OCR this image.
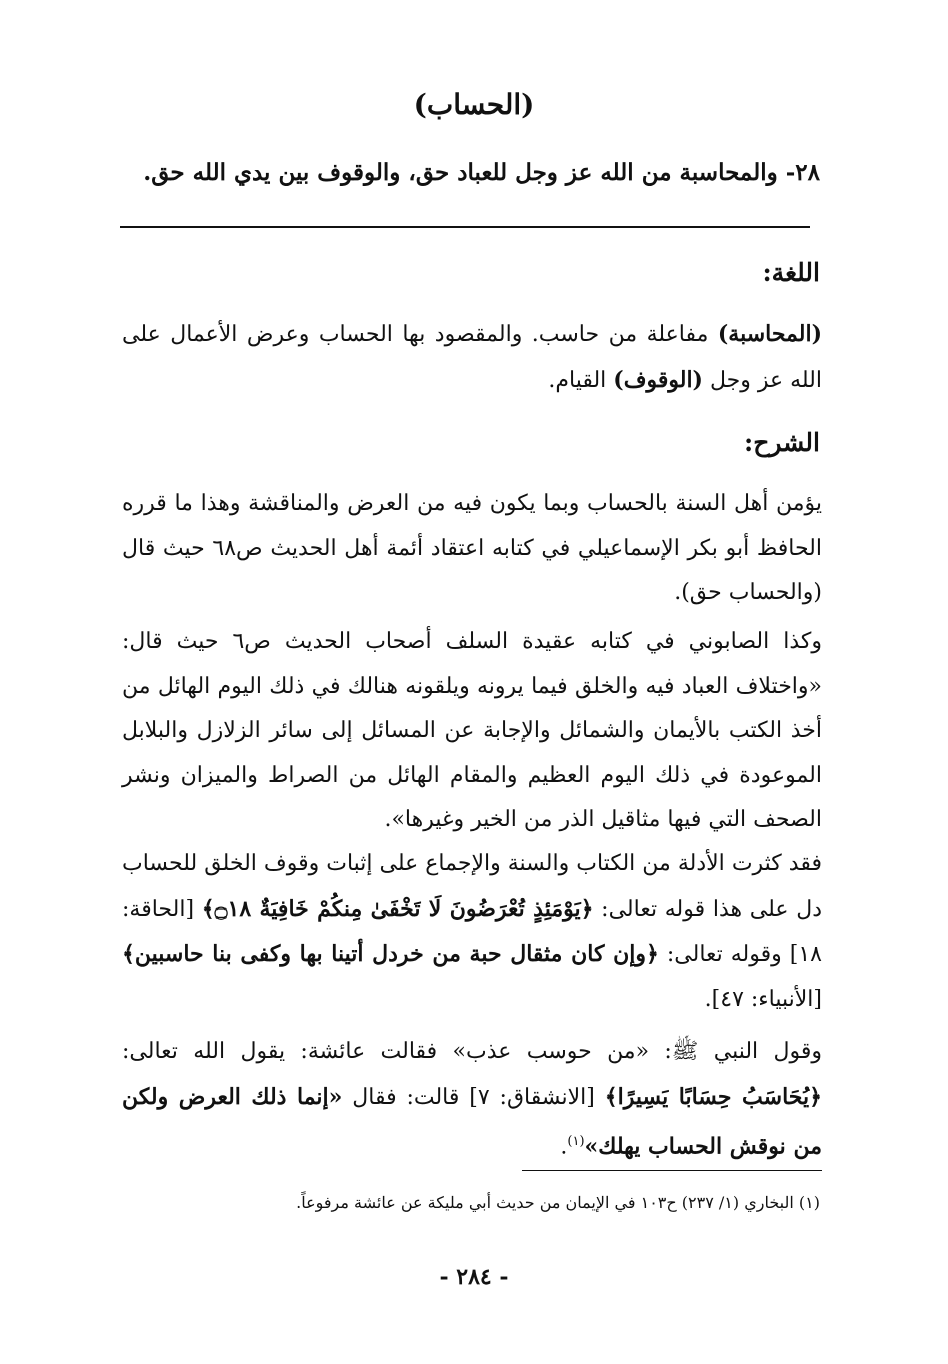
(الحساب)
٢٨- والمحاسبة من الله عز وجل للعباد حق، والوقوف بين يدي الله حق.
اللغة:
(المحاسبة) مفاعلة من حاسب. والمقصود بها الحساب وعرض الأعمال على الله عز وجل (الوقوف) القيام.
الشرح:
يؤمن أهل السنة بالحساب وبما يكون فيه من العرض والمناقشة وهذا ما قرره الحافظ أبو بكر الإسماعيلي في كتابه اعتقاد أئمة أهل الحديث ص٦٨ حيث قال (والحساب حق).
وكذا الصابوني في كتابه عقيدة السلف أصحاب الحديث ص٦ حيث قال: «واختلاف العباد فيه والخلق فيما يرونه ويلقونه هنالك في ذلك اليوم الهائل من أخذ الكتب بالأيمان والشمائل والإجابة عن المسائل إلى سائر الزلازل والبلابل الموعودة في ذلك اليوم العظيم والمقام الهائل من الصراط والميزان ونشر الصحف التي فيها مثاقيل الذر من الخير وغيرها».
فقد كثرت الأدلة من الكتاب والسنة والإجماع على إثبات وقوف الخلق للحساب دل على هذا قوله تعالى: ﴿يَوْمَئِذٍ تُعْرَضُونَ لَا تَخْفَىٰ مِنكُمْ خَافِيَةٌ ۝١٨﴾ [الحاقة: ١٨] وقوله تعالى: ﴿وإن كان مثقال حبة من خردل أتينا بها وكفى بنا حاسبين﴾ [الأنبياء: ٤٧].
وقول النبي ﷺ: «من حوسب عذب» فقالت عائشة: يقول الله تعالى: ﴿يُحَاسَبُ حِسَابًا يَسِيرًا﴾ [الانشقاق: ٧] قالت: فقال «إنما ذلك العرض ولكن من نوقش الحساب يهلك»$^{(١)}$.
(١) البخاري (١/ ٢٣٧) ح١٠٣ في الإيمان من حديث أبي مليكة عن عائشة مرفوعاً.
- ٢٨٤ -
